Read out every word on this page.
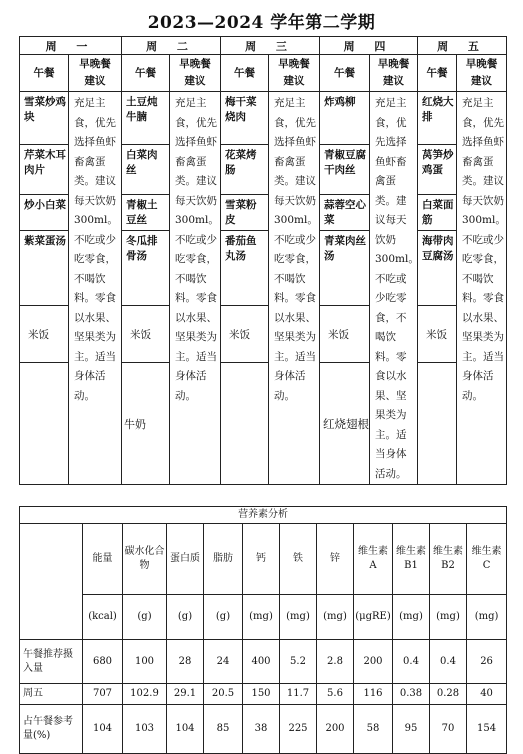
2023—2024 学年第二学期
周 一		周 二		周 三		周 四		周 五	
午餐	早晚餐建议	午餐	早晚餐建议	午餐	早晚餐建议	午餐	早晚餐建议	午餐	早晚餐建议
雪菜炒鸡块	充足主食，优先选择鱼虾畜禽蛋类。建议每天饮奶300ml。不吃或少吃零食，不喝饮料。零食以水果、坚果类为主。适当身体活动。	土豆炖牛腩	充足主食，优先选择鱼虾畜禽蛋类。建议每天饮奶300ml。不吃或少吃零食，不喝饮料。零食以水果、坚果类为主。适当身体活动。	梅干菜烧肉	充足主食，优先选择鱼虾畜禽蛋类。建议每天饮奶300ml。不吃或少吃零食，不喝饮料。零食以水果、坚果类为主。适当身体活动。	炸鸡柳	充足主食，优先选择鱼虾畜禽蛋类。建议每天饮奶300ml。不吃或少吃零食，不喝饮料。零食以水果、坚果类为主。适当身体活动。	红烧大排	充足主食，优先选择鱼虾畜禽蛋类。建议每天饮奶300ml。不吃或少吃零食，不喝饮料。零食以水果、坚果类为主。适当身体活动。
芹菜木耳肉片		白菜肉丝		花菜烤肠		青椒豆腐干肉丝		莴笋炒鸡蛋	
炒小白菜		青椒土豆丝		雪菜粉皮		蒜蓉空心菜		白菜面筋	
紫菜蛋汤		冬瓜排骨汤		番茄鱼丸汤		青菜肉丝汤		海带肉豆腐汤	
米饭		米饭		米饭		米饭		米饭	
		牛奶				红烧翅根			
营养素分析											
	能量	碳水化合物	蛋白质	脂肪	钙	铁	锌	维生素A	维生素B1	维生素B2	维生素C
	(kcal)	(g)	(g)	(g)	(mg)	(mg)	(mg)	(μgRE)	(mg)	(mg)	(mg)
午餐推荐摄入量	680	100	28	24	400	5.2	2.8	200	0.4	0.4	26
周五	707	102.9	29.1	20.5	150	11.7	5.6	116	0.38	0.28	40
占午餐参考量(%)	104	103	104	85	38	225	200	58	95	70	154
